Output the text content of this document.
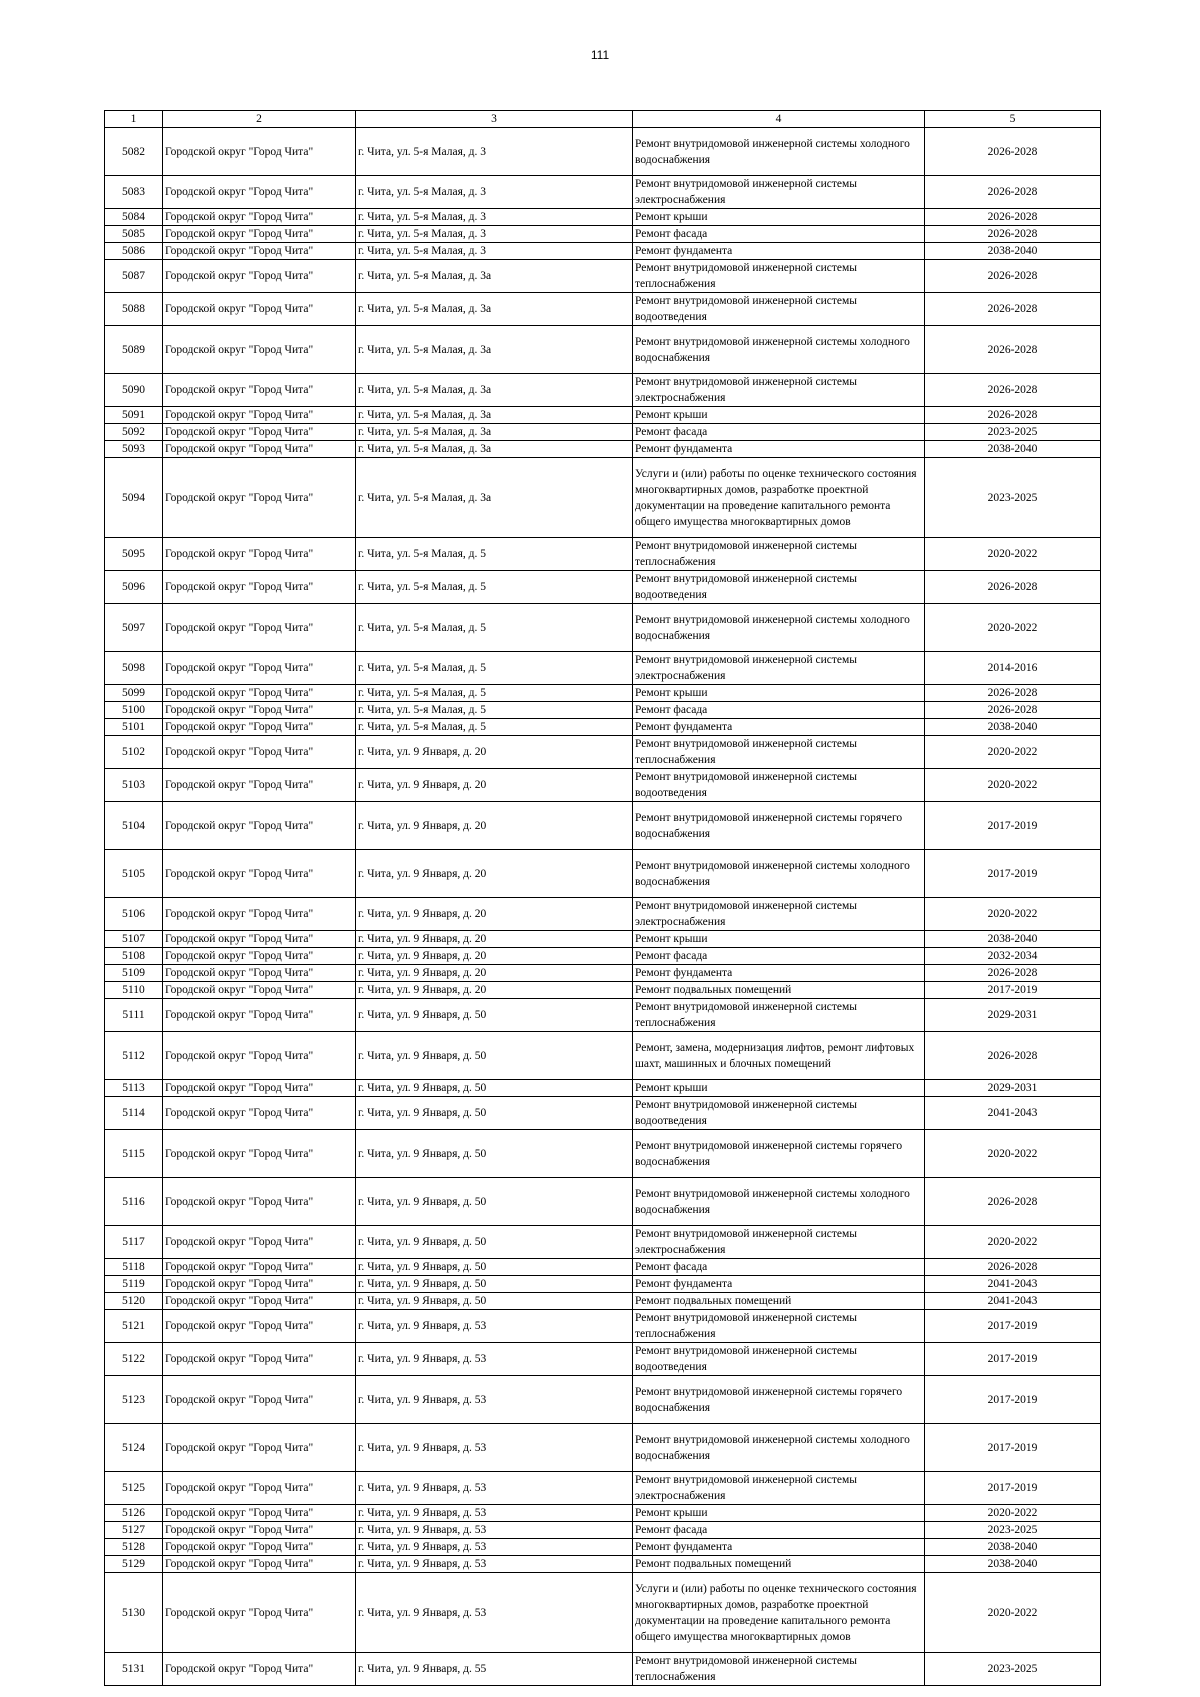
111
1	2	3	4	5
5082	Городской округ "Город Чита"	г. Чита, ул. 5-я Малая, д. 3	Ремонт внутридомовой инженерной системы холодного водоснабжения	2026-2028
5083	Городской округ "Город Чита"	г. Чита, ул. 5-я Малая, д. 3	Ремонт внутридомовой инженерной системы электроснабжения	2026-2028
5084	Городской округ "Город Чита"	г. Чита, ул. 5-я Малая, д. 3	Ремонт крыши	2026-2028
5085	Городской округ "Город Чита"	г. Чита, ул. 5-я Малая, д. 3	Ремонт фасада	2026-2028
5086	Городской округ "Город Чита"	г. Чита, ул. 5-я Малая, д. 3	Ремонт фундамента	2038-2040
5087	Городской округ "Город Чита"	г. Чита, ул. 5-я Малая, д. 3а	Ремонт внутридомовой инженерной системы теплоснабжения	2026-2028
5088	Городской округ "Город Чита"	г. Чита, ул. 5-я Малая, д. 3а	Ремонт внутридомовой инженерной системы водоотведения	2026-2028
5089	Городской округ "Город Чита"	г. Чита, ул. 5-я Малая, д. 3а	Ремонт внутридомовой инженерной системы холодного водоснабжения	2026-2028
5090	Городской округ "Город Чита"	г. Чита, ул. 5-я Малая, д. 3а	Ремонт внутридомовой инженерной системы электроснабжения	2026-2028
5091	Городской округ "Город Чита"	г. Чита, ул. 5-я Малая, д. 3а	Ремонт крыши	2026-2028
5092	Городской округ "Город Чита"	г. Чита, ул. 5-я Малая, д. 3а	Ремонт фасада	2023-2025
5093	Городской округ "Город Чита"	г. Чита, ул. 5-я Малая, д. 3а	Ремонт фундамента	2038-2040
5094	Городской округ "Город Чита"	г. Чита, ул. 5-я Малая, д. 3а	Услуги и (или) работы по оценке технического состояния многоквартирных домов, разработке проектной документации на проведение капитального ремонта общего имущества многоквартирных домов	2023-2025
5095	Городской округ "Город Чита"	г. Чита, ул. 5-я Малая, д. 5	Ремонт внутридомовой инженерной системы теплоснабжения	2020-2022
5096	Городской округ "Город Чита"	г. Чита, ул. 5-я Малая, д. 5	Ремонт внутридомовой инженерной системы водоотведения	2026-2028
5097	Городской округ "Город Чита"	г. Чита, ул. 5-я Малая, д. 5	Ремонт внутридомовой инженерной системы холодного водоснабжения	2020-2022
5098	Городской округ "Город Чита"	г. Чита, ул. 5-я Малая, д. 5	Ремонт внутридомовой инженерной системы электроснабжения	2014-2016
5099	Городской округ "Город Чита"	г. Чита, ул. 5-я Малая, д. 5	Ремонт крыши	2026-2028
5100	Городской округ "Город Чита"	г. Чита, ул. 5-я Малая, д. 5	Ремонт фасада	2026-2028
5101	Городской округ "Город Чита"	г. Чита, ул. 5-я Малая, д. 5	Ремонт фундамента	2038-2040
5102	Городской округ "Город Чита"	г. Чита, ул. 9 Января, д. 20	Ремонт внутридомовой инженерной системы теплоснабжения	2020-2022
5103	Городской округ "Город Чита"	г. Чита, ул. 9 Января, д. 20	Ремонт внутридомовой инженерной системы водоотведения	2020-2022
5104	Городской округ "Город Чита"	г. Чита, ул. 9 Января, д. 20	Ремонт внутридомовой инженерной системы горячего водоснабжения	2017-2019
5105	Городской округ "Город Чита"	г. Чита, ул. 9 Января, д. 20	Ремонт внутридомовой инженерной системы холодного водоснабжения	2017-2019
5106	Городской округ "Город Чита"	г. Чита, ул. 9 Января, д. 20	Ремонт внутридомовой инженерной системы электроснабжения	2020-2022
5107	Городской округ "Город Чита"	г. Чита, ул. 9 Января, д. 20	Ремонт крыши	2038-2040
5108	Городской округ "Город Чита"	г. Чита, ул. 9 Января, д. 20	Ремонт фасада	2032-2034
5109	Городской округ "Город Чита"	г. Чита, ул. 9 Января, д. 20	Ремонт фундамента	2026-2028
5110	Городской округ "Город Чита"	г. Чита, ул. 9 Января, д. 20	Ремонт подвальных помещений	2017-2019
5111	Городской округ "Город Чита"	г. Чита, ул. 9 Января, д. 50	Ремонт внутридомовой инженерной системы теплоснабжения	2029-2031
5112	Городской округ "Город Чита"	г. Чита, ул. 9 Января, д. 50	Ремонт, замена, модернизация лифтов, ремонт лифтовых шахт, машинных и блочных помещений	2026-2028
5113	Городской округ "Город Чита"	г. Чита, ул. 9 Января, д. 50	Ремонт крыши	2029-2031
5114	Городской округ "Город Чита"	г. Чита, ул. 9 Января, д. 50	Ремонт внутридомовой инженерной системы водоотведения	2041-2043
5115	Городской округ "Город Чита"	г. Чита, ул. 9 Января, д. 50	Ремонт внутридомовой инженерной системы горячего водоснабжения	2020-2022
5116	Городской округ "Город Чита"	г. Чита, ул. 9 Января, д. 50	Ремонт внутридомовой инженерной системы холодного водоснабжения	2026-2028
5117	Городской округ "Город Чита"	г. Чита, ул. 9 Января, д. 50	Ремонт внутридомовой инженерной системы электроснабжения	2020-2022
5118	Городской округ "Город Чита"	г. Чита, ул. 9 Января, д. 50	Ремонт фасада	2026-2028
5119	Городской округ "Город Чита"	г. Чита, ул. 9 Января, д. 50	Ремонт фундамента	2041-2043
5120	Городской округ "Город Чита"	г. Чита, ул. 9 Января, д. 50	Ремонт подвальных помещений	2041-2043
5121	Городской округ "Город Чита"	г. Чита, ул. 9 Января, д. 53	Ремонт внутридомовой инженерной системы теплоснабжения	2017-2019
5122	Городской округ "Город Чита"	г. Чита, ул. 9 Января, д. 53	Ремонт внутридомовой инженерной системы водоотведения	2017-2019
5123	Городской округ "Город Чита"	г. Чита, ул. 9 Января, д. 53	Ремонт внутридомовой инженерной системы горячего водоснабжения	2017-2019
5124	Городской округ "Город Чита"	г. Чита, ул. 9 Января, д. 53	Ремонт внутридомовой инженерной системы холодного водоснабжения	2017-2019
5125	Городской округ "Город Чита"	г. Чита, ул. 9 Января, д. 53	Ремонт внутридомовой инженерной системы электроснабжения	2017-2019
5126	Городской округ "Город Чита"	г. Чита, ул. 9 Января, д. 53	Ремонт крыши	2020-2022
5127	Городской округ "Город Чита"	г. Чита, ул. 9 Января, д. 53	Ремонт фасада	2023-2025
5128	Городской округ "Город Чита"	г. Чита, ул. 9 Января, д. 53	Ремонт фундамента	2038-2040
5129	Городской округ "Город Чита"	г. Чита, ул. 9 Января, д. 53	Ремонт подвальных помещений	2038-2040
5130	Городской округ "Город Чита"	г. Чита, ул. 9 Января, д. 53	Услуги и (или) работы по оценке технического состояния многоквартирных домов, разработке проектной документации на проведение капитального ремонта общего имущества многоквартирных домов	2020-2022
5131	Городской округ "Город Чита"	г. Чита, ул. 9 Января, д. 55	Ремонт внутридомовой инженерной системы теплоснабжения	2023-2025
